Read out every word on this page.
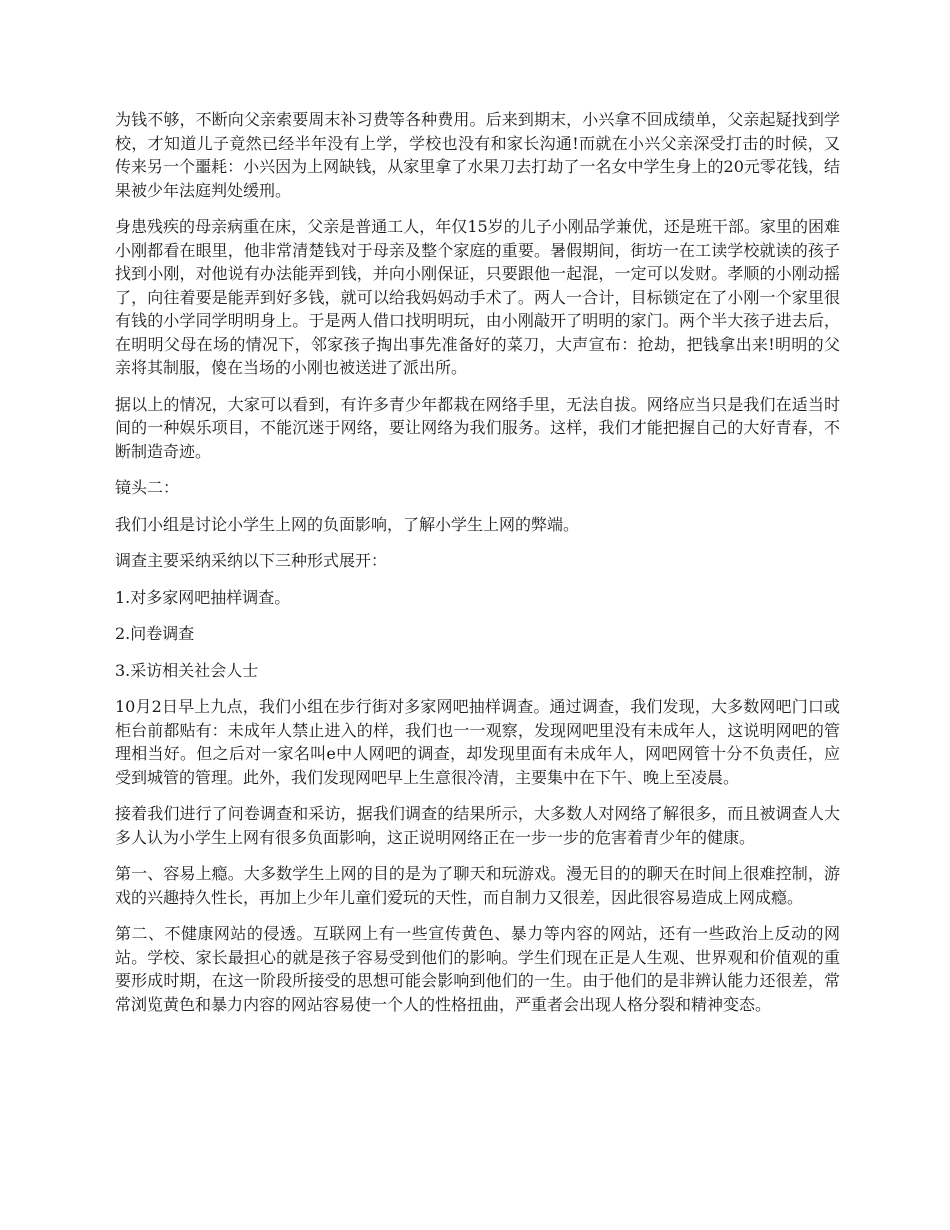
为钱不够，不断向父亲索要周末补习费等各种费用。后来到期末，小兴拿不回成绩单，父亲起疑找到学校，才知道儿子竟然已经半年没有上学，学校也没有和家长沟通!而就在小兴父亲深受打击的时候，又传来另一个噩耗：小兴因为上网缺钱，从家里拿了水果刀去打劫了一名女中学生身上的20元零花钱，结果被少年法庭判处缓刑。

身患残疾的母亲病重在床，父亲是普通工人，年仅15岁的儿子小刚品学兼优，还是班干部。家里的困难小刚都看在眼里，他非常清楚钱对于母亲及整个家庭的重要。暑假期间，街坊一在工读学校就读的孩子找到小刚，对他说有办法能弄到钱，并向小刚保证，只要跟他一起混，一定可以发财。孝顺的小刚动摇了，向往着要是能弄到好多钱，就可以给我妈妈动手术了。两人一合计，目标锁定在了小刚一个家里很有钱的小学同学明明身上。于是两人借口找明明玩，由小刚敲开了明明的家门。两个半大孩子进去后，在明明父母在场的情况下，邻家孩子掏出事先准备好的菜刀，大声宣布：抢劫，把钱拿出来!明明的父亲将其制服，傻在当场的小刚也被送进了派出所。

据以上的情况，大家可以看到，有许多青少年都栽在网络手里，无法自拔。网络应当只是我们在适当时间的一种娱乐项目，不能沉迷于网络，要让网络为我们服务。这样，我们才能把握自己的大好青春，不断制造奇迹。

镜头二：

我们小组是讨论小学生上网的负面影响，了解小学生上网的弊端。

调查主要采纳采纳以下三种形式展开：

1.对多家网吧抽样调查。

2.问卷调查

3.采访相关社会人士

10月2日早上九点，我们小组在步行街对多家网吧抽样调查。通过调查，我们发现，大多数网吧门口或柜台前都贴有：未成年人禁止进入的样，我们也一一观察，发现网吧里没有未成年人，这说明网吧的管理相当好。但之后对一家名叫e中人网吧的调查，却发现里面有未成年人，网吧网管十分不负责任，应受到城管的管理。此外，我们发现网吧早上生意很冷清，主要集中在下午、晚上至凌晨。

接着我们进行了问卷调查和采访，据我们调查的结果所示，大多数人对网络了解很多，而且被调查人大多人认为小学生上网有很多负面影响，这正说明网络正在一步一步的危害着青少年的健康。

第一、容易上瘾。大多数学生上网的目的是为了聊天和玩游戏。漫无目的的聊天在时间上很难控制，游戏的兴趣持久性长，再加上少年儿童们爱玩的天性，而自制力又很差，因此很容易造成上网成瘾。

第二、不健康网站的侵透。互联网上有一些宣传黄色、暴力等内容的网站，还有一些政治上反动的网站。学校、家长最担心的就是孩子容易受到他们的影响。学生们现在正是人生观、世界观和价值观的重要形成时期，在这一阶段所接受的思想可能会影响到他们的一生。由于他们的是非辨认能力还很差，常常浏览黄色和暴力内容的网站容易使一个人的性格扭曲，严重者会出现人格分裂和精神变态。
